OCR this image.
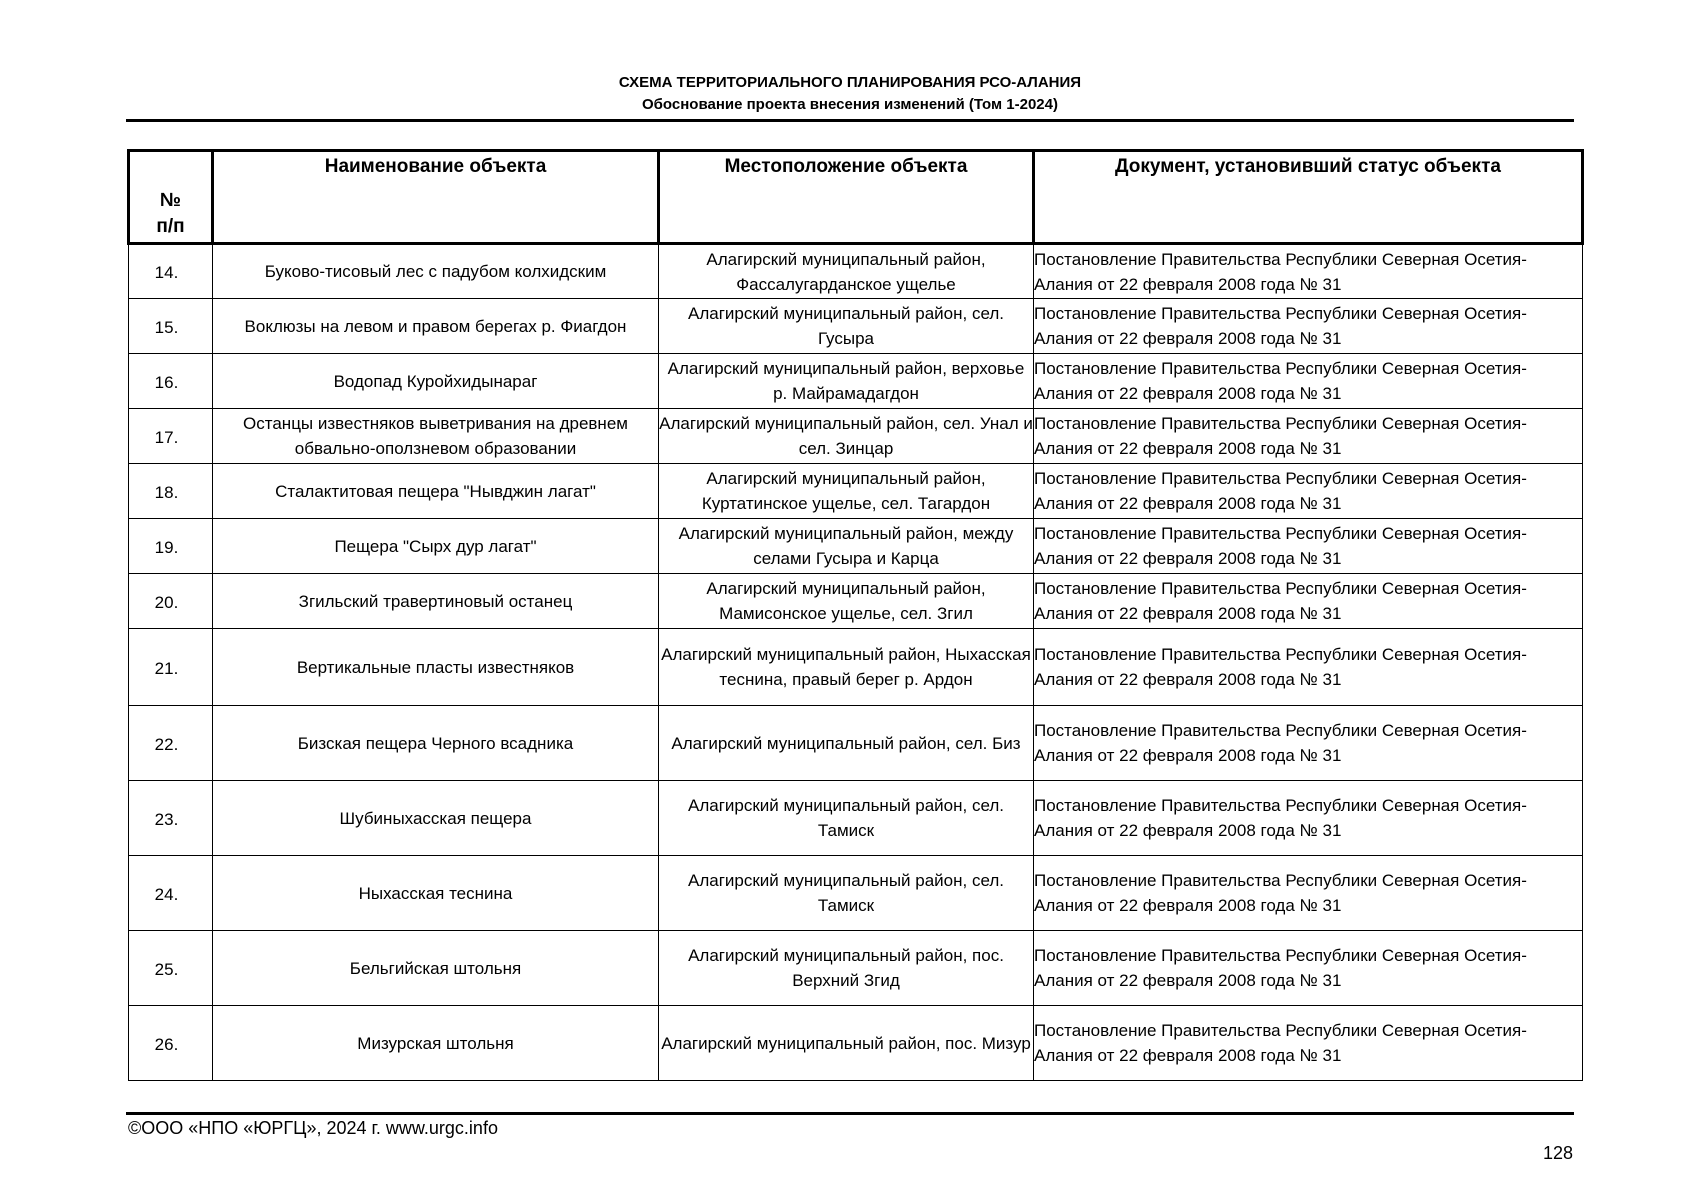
СХЕМА ТЕРРИТОРИАЛЬНОГО ПЛАНИРОВАНИЯ РСО-АЛАНИЯ
Обоснование проекта внесения изменений (Том 1-2024)
№
п/п	Наименование объекта	Местоположение объекта	Документ, установивший статус объекта

14.	Буково-тисовый лес с падубом колхидским	Алагирский муниципальный район, Фассалугарданское ущелье	Постановление Правительства Республики Северная Осетия-Алания от 22 февраля 2008 года № 31

15.	Воклюзы на левом и правом берегах р. Фиагдон	Алагирский муниципальный район, сел. Гусыра	Постановление Правительства Республики Северная Осетия-Алания от 22 февраля 2008 года № 31

16.	Водопад Куройхидынараг	Алагирский муниципальный район, верховье р. Майрамадагдон	Постановление Правительства Республики Северная Осетия-Алания от 22 февраля 2008 года № 31

17.	Останцы известняков выветривания на древнем обвально-оползневом образовании	Алагирский муниципальный район, сел. Унал и сел. Зинцар	Постановление Правительства Республики Северная Осетия-Алания от 22 февраля 2008 года № 31

18.	Сталактитовая пещера "Нывджин лагат"	Алагирский муниципальный район, Куртатинское ущелье, сел. Тагардон	Постановление Правительства Республики Северная Осетия-Алания от 22 февраля 2008 года № 31

19.	Пещера "Сырх дур лагат"	Алагирский муниципальный район, между селами Гусыра и Карца	Постановление Правительства Республики Северная Осетия-Алания от 22 февраля 2008 года № 31

20.	Згильский травертиновый останец	Алагирский муниципальный район, Мамисонское ущелье, сел. Згил	Постановление Правительства Республики Северная Осетия-Алания от 22 февраля 2008 года № 31

21.	Вертикальные пласты известняков	Алагирский муниципальный район, Ныхасская теснина, правый берег р. Ардон	Постановление Правительства Республики Северная Осетия-Алания от 22 февраля 2008 года № 31

22.	Бизская пещера Черного всадника	Алагирский муниципальный район, сел. Биз	Постановление Правительства Республики Северная Осетия-Алания от 22 февраля 2008 года № 31

23.	Шубиныхасская пещера	Алагирский муниципальный район, сел. Тамиск	Постановление Правительства Республики Северная Осетия-Алания от 22 февраля 2008 года № 31

24.	Ныхасская теснина	Алагирский муниципальный район, сел. Тамиск	Постановление Правительства Республики Северная Осетия-Алания от 22 февраля 2008 года № 31

25.	Бельгийская штольня	Алагирский муниципальный район, пос. Верхний Згид	Постановление Правительства Республики Северная Осетия-Алания от 22 февраля 2008 года № 31

26.	Мизурская штольня	Алагирский муниципальный район, пос. Мизур	Постановление Правительства Республики Северная Осетия-Алания от 22 февраля 2008 года № 31
©ООО «НПО «ЮРГЦ», 2024 г. www.urgc.info
128
